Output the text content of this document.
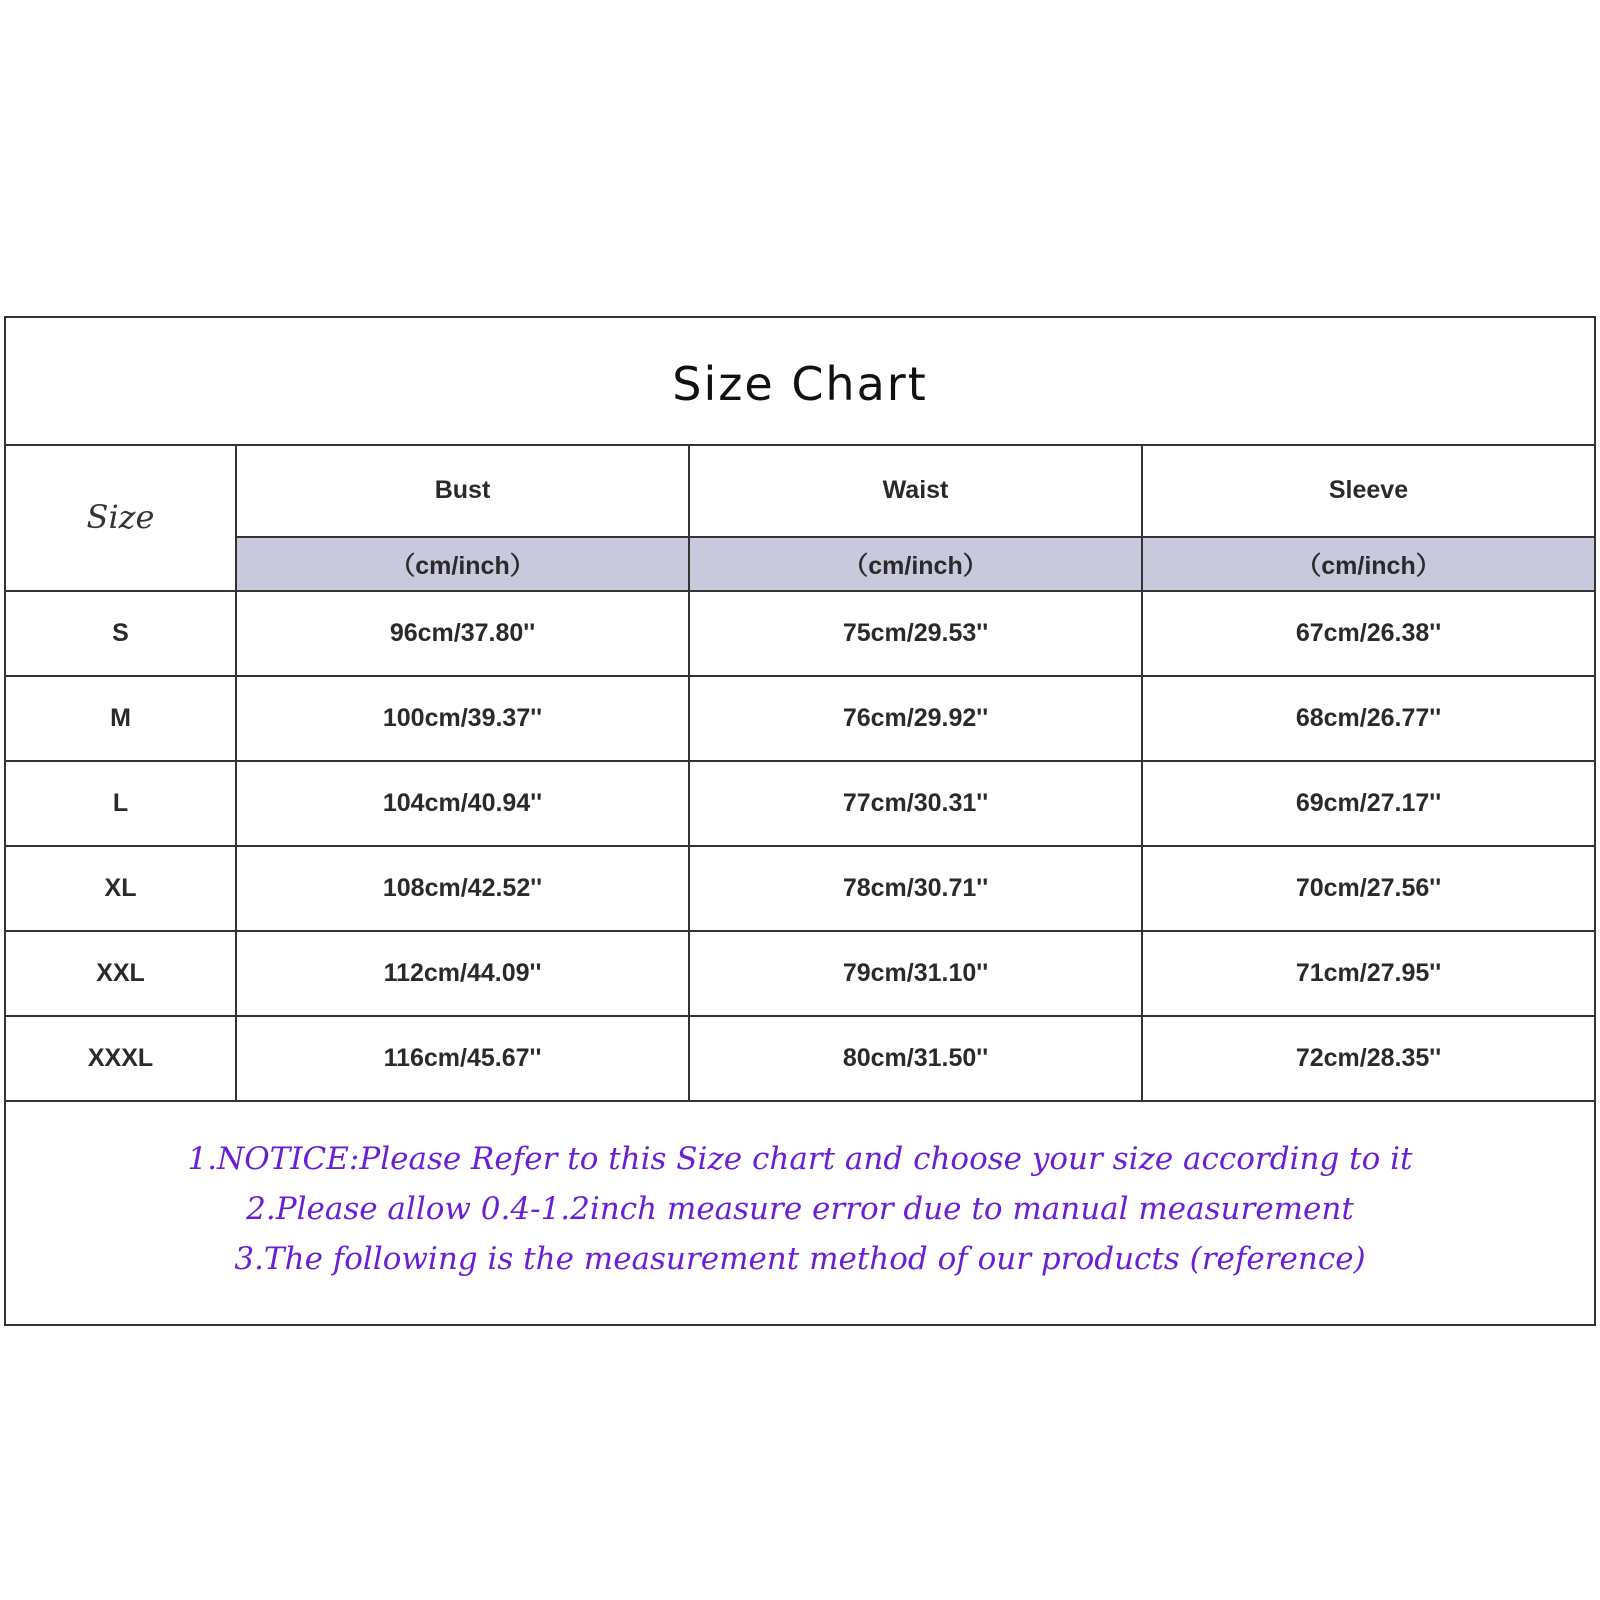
Size Chart
Size	Bust	Waist	Sleeve
	（cm/inch）	（cm/inch）	（cm/inch）
S	96cm/37.80''	75cm/29.53''	67cm/26.38''
M	100cm/39.37''	76cm/29.92''	68cm/26.77''
L	104cm/40.94''	77cm/30.31''	69cm/27.17''
XL	108cm/42.52''	78cm/30.71''	70cm/27.56''
XXL	112cm/44.09''	79cm/31.10''	71cm/27.95''
XXXL	116cm/45.67''	80cm/31.50''	72cm/28.35''
1.NOTICE:Please Refer to this Size chart and choose your size according to it
2.Please allow 0.4-1.2inch measure error due to manual measurement
3.The following is the measurement method of our products (reference)
